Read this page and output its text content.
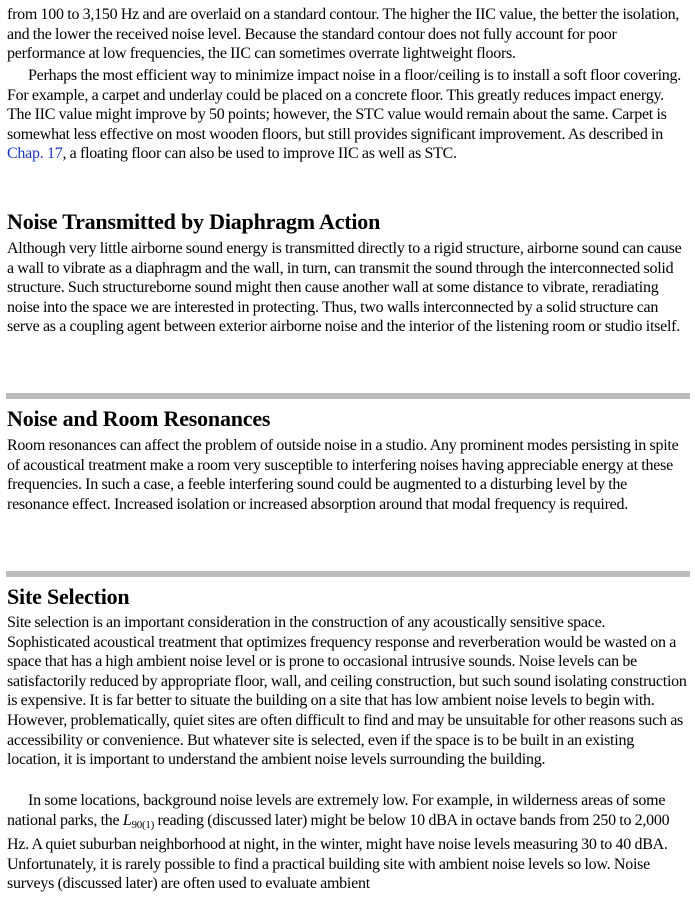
from 100 to 3,150 Hz and are overlaid on a standard contour. The higher the IIC value, the better the isolation, and the lower the received noise level. Because the standard contour does not fully account for poor performance at low frequencies, the IIC can sometimes overrate lightweight floors.

Perhaps the most efficient way to minimize impact noise in a floor/ceiling is to install a soft floor covering. For example, a carpet and underlay could be placed on a concrete floor. This greatly reduces impact energy. The IIC value might improve by 50 points; however, the STC value would remain about the same. Carpet is somewhat less effective on most wooden floors, but still provides significant improvement. As described in Chap. 17, a floating floor can also be used to improve IIC as well as STC.

Noise Transmitted by Diaphragm Action

Although very little airborne sound energy is transmitted directly to a rigid structure, airborne sound can cause a wall to vibrate as a diaphragm and the wall, in turn, can transmit the sound through the interconnected solid structure. Such structureborne sound might then cause another wall at some distance to vibrate, reradiating noise into the space we are interested in protecting. Thus, two walls interconnected by a solid structure can serve as a coupling agent between exterior airborne noise and the interior of the listening room or studio itself.

Noise and Room Resonances

Room resonances can affect the problem of outside noise in a studio. Any prominent modes persisting in spite of acoustical treatment make a room very susceptible to interfering noises having appreciable energy at these frequencies. In such a case, a feeble interfering sound could be augmented to a disturbing level by the resonance effect. Increased isolation or increased absorption around that modal frequency is required.

Site Selection

Site selection is an important consideration in the construction of any acoustically sensitive space. Sophisticated acoustical treatment that optimizes frequency response and reverberation would be wasted on a space that has a high ambient noise level or is prone to occasional intrusive sounds. Noise levels can be satisfactorily reduced by appropriate floor, wall, and ceiling construction, but such sound isolating construction is expensive. It is far better to situate the building on a site that has low ambient noise levels to begin with. However, problematically, quiet sites are often difficult to find and may be unsuitable for other reasons such as accessibility or convenience. But whatever site is selected, even if the space is to be built in an existing location, it is important to understand the ambient noise levels surrounding the building.

In some locations, background noise levels are extremely low. For example, in wilderness areas of some national parks, the $L_{90(1)}$ reading (discussed later) might be below 10 dBA in octave bands from 250 to 2,000 Hz. A quiet suburban neighborhood at night, in the winter, might have noise levels measuring 30 to 40 dBA. Unfortunately, it is rarely possible to find a practical building site with ambient noise levels so low. Noise surveys (discussed later) are often used to evaluate ambient
